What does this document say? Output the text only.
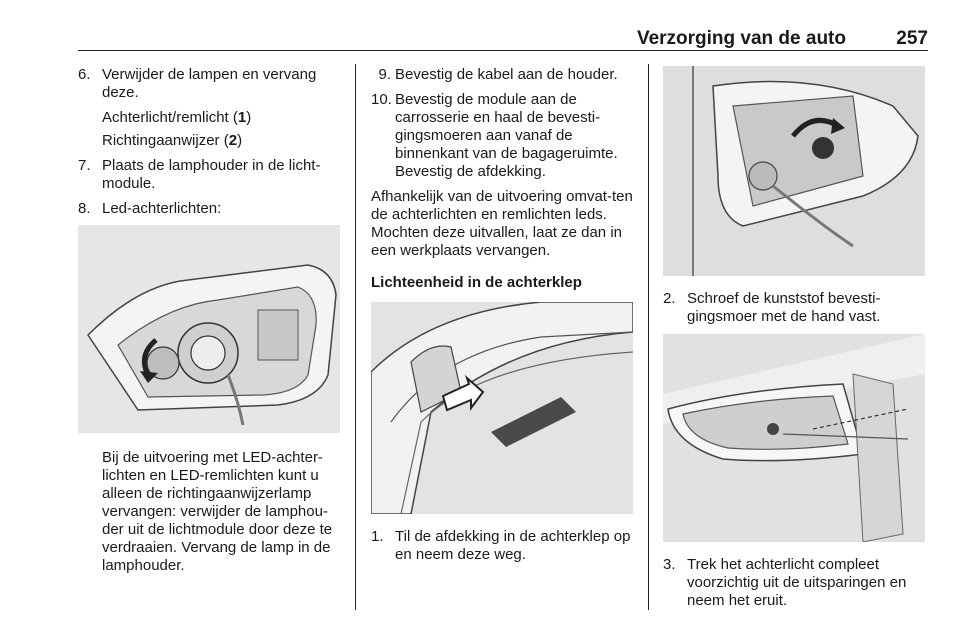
Verzorging van de auto	257
6. Verwijder de lampen en vervang deze.
Achterlicht/remlicht (1)
Richtingaanwijzer (2)
7. Plaats de lamphouder in de licht-module.
8. Led-achterlichten:

Bij de uitvoering met LED-achter-lichten en LED-remlichten kunt u alleen de richtingaanwijzerlamp vervangen: verwijder de lamphou-der uit de lichtmodule door deze te verdraaien. Vervang de lamp in de lamphouder.

9. Bevestig de kabel aan de houder.
10. Bevestig de module aan de carrosserie en haal de bevesti-gingsmoeren aan vanaf de binnenkant van de bagageruimte. Bevestig de afdekking.

Afhankelijk van de uitvoering omvat-ten de achterlichten en remlichten leds. Mochten deze uitvallen, laat ze dan in een werkplaats vervangen.

Lichteenheid in de achterklep
1. Til de afdekking in de achterklep op en neem deze weg.
2. Schroef de kunststof bevesti-gingsmoer met de hand vast.
3. Trek het achterlicht compleet voorzichtig uit de uitsparingen en neem het eruit.
